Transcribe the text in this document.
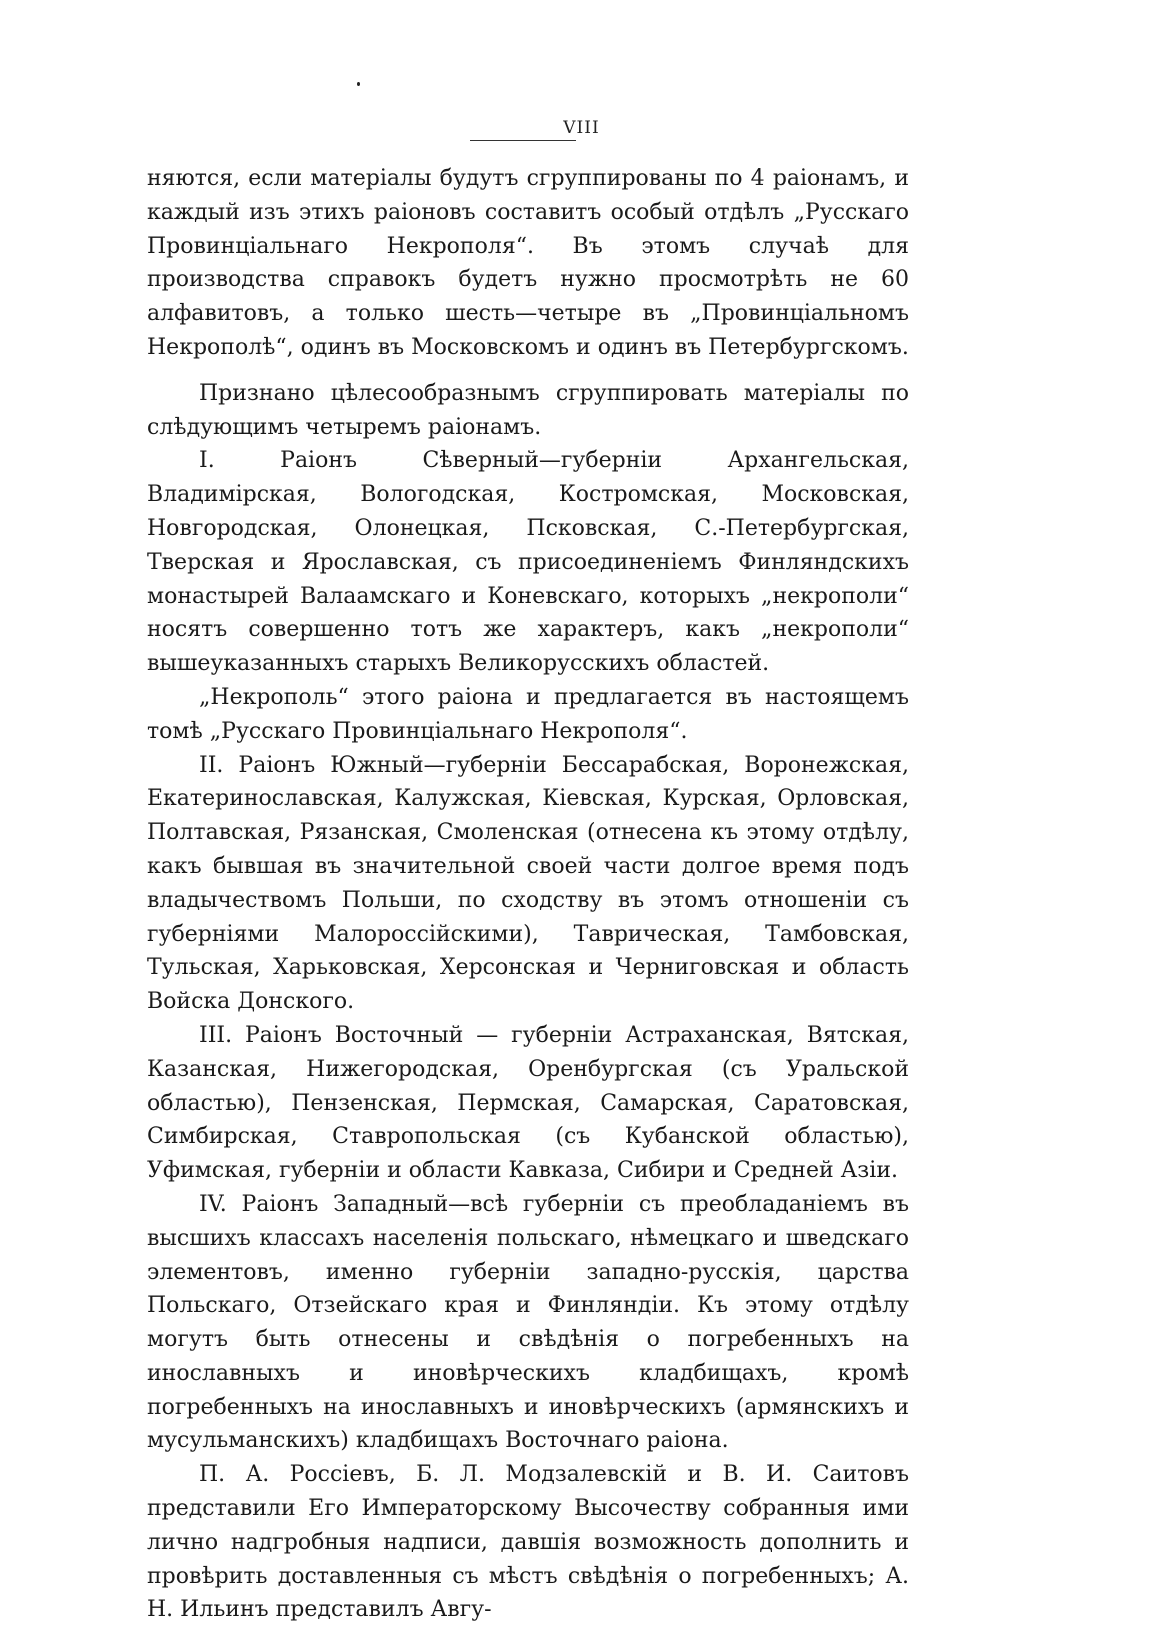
VIII

няются, если матеріалы будутъ сгруппированы по 4 раіонамъ, и каждый изъ этихъ раіоновъ составитъ особый отдѣлъ „Русскаго Провинціальнаго Некрополя“. Въ этомъ случаѣ для производства справокъ будетъ нужно просмотрѣть не 60 алфавитовъ, а только шесть—четыре въ „Провинціальномъ Некрополѣ“, одинъ въ Московскомъ и одинъ въ Петербургскомъ.

Признано цѣлесообразнымъ сгруппировать матеріалы по слѣдующимъ четыремъ раіонамъ.

I. Раіонъ Сѣверный—губерніи Архангельская, Владимірская, Вологодская, Костромская, Московская, Новгородская, Олонецкая, Псковская, С.-Петербургская, Тверская и Ярославская, съ присоединеніемъ Финляндскихъ монастырей Валаамскаго и Коневскаго, которыхъ „некрополи“ носятъ совершенно тотъ же характеръ, какъ „некрополи“ вышеуказанныхъ старыхъ Великорусскихъ областей.

„Некрополь“ этого раіона и предлагается въ настоящемъ томѣ „Русскаго Провинціальнаго Некрополя“.

II. Раіонъ Южный—губерніи Бессарабская, Воронежская, Екатеринославская, Калужская, Кіевская, Курская, Орловская, Полтавская, Рязанская, Смоленская (отнесена къ этому отдѣлу, какъ бывшая въ значительной своей части долгое время подъ владычествомъ Польши, по сходству въ этомъ отношеніи съ губерніями Малороссійскими), Таврическая, Тамбовская, Тульская, Харьковская, Херсонская и Черниговская и область Войска Донского.

III. Раіонъ Восточный — губерніи Астраханская, Вятская, Казанская, Нижегородская, Оренбургская (съ Уральской областью), Пензенская, Пермская, Самарская, Саратовская, Симбирская, Ставропольская (съ Кубанской областью), Уфимская, губерніи и области Кавказа, Сибири и Средней Азіи.

IV. Раіонъ Западный—всѣ губерніи съ преобладаніемъ въ высшихъ классахъ населенія польскаго, нѣмецкаго и шведскаго элементовъ, именно губерніи западно-русскія, царства Польскаго, Отзейскаго края и Финляндіи. Къ этому отдѣлу могутъ быть отнесены и свѣдѣнія о погребенныхъ на инославныхъ и иновѣрческихъ кладбищахъ, кромѣ погребенныхъ на инославныхъ и иновѣрческихъ (армянскихъ и мусульманскихъ) кладбищахъ Восточнаго раіона.

П. А. Россіевъ, Б. Л. Модзалевскій и В. И. Саитовъ представили Его Императорскому Высочеству собранныя ими лично надгробныя надписи, давшія возможность дополнить и провѣрить доставленныя съ мѣстъ свѣдѣнія о погребенныхъ; А. Н. Ильинъ представилъ Авгу-
